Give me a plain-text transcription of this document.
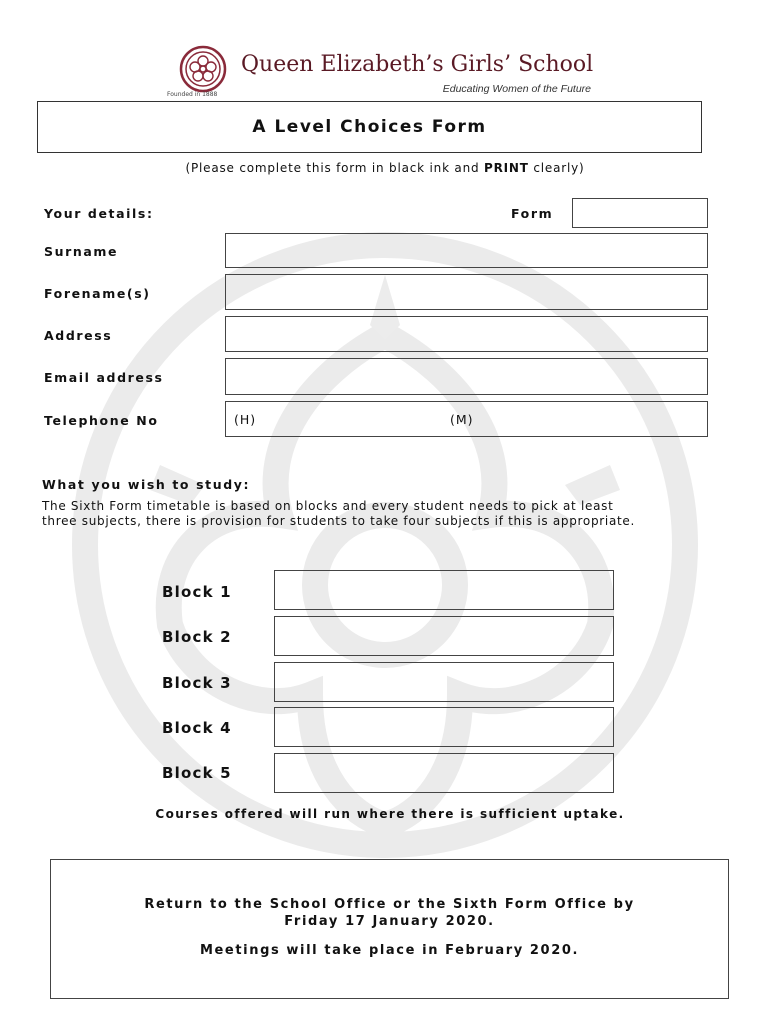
Founded in 1888
Queen Elizabeth’s Girls’ School
Educating Women of the Future
A Level Choices Form
(Please complete this form in black ink and PRINT clearly)
Your details:	Form
Surname
Forename(s)
Address
Email address
Telephone No	(H)	(M)
What you wish to study:

The Sixth Form timetable is based on blocks and every student needs to pick at least

three subjects, there is provision for students to take four subjects if this is appropriate.

Block 1
Block 2
Block 3
Block 4
Block 5
Courses offered will run where there is sufficient uptake.
Return to the School Office or the Sixth Form Office by
Friday 17 January 2020.
Meetings will take place in February 2020.
